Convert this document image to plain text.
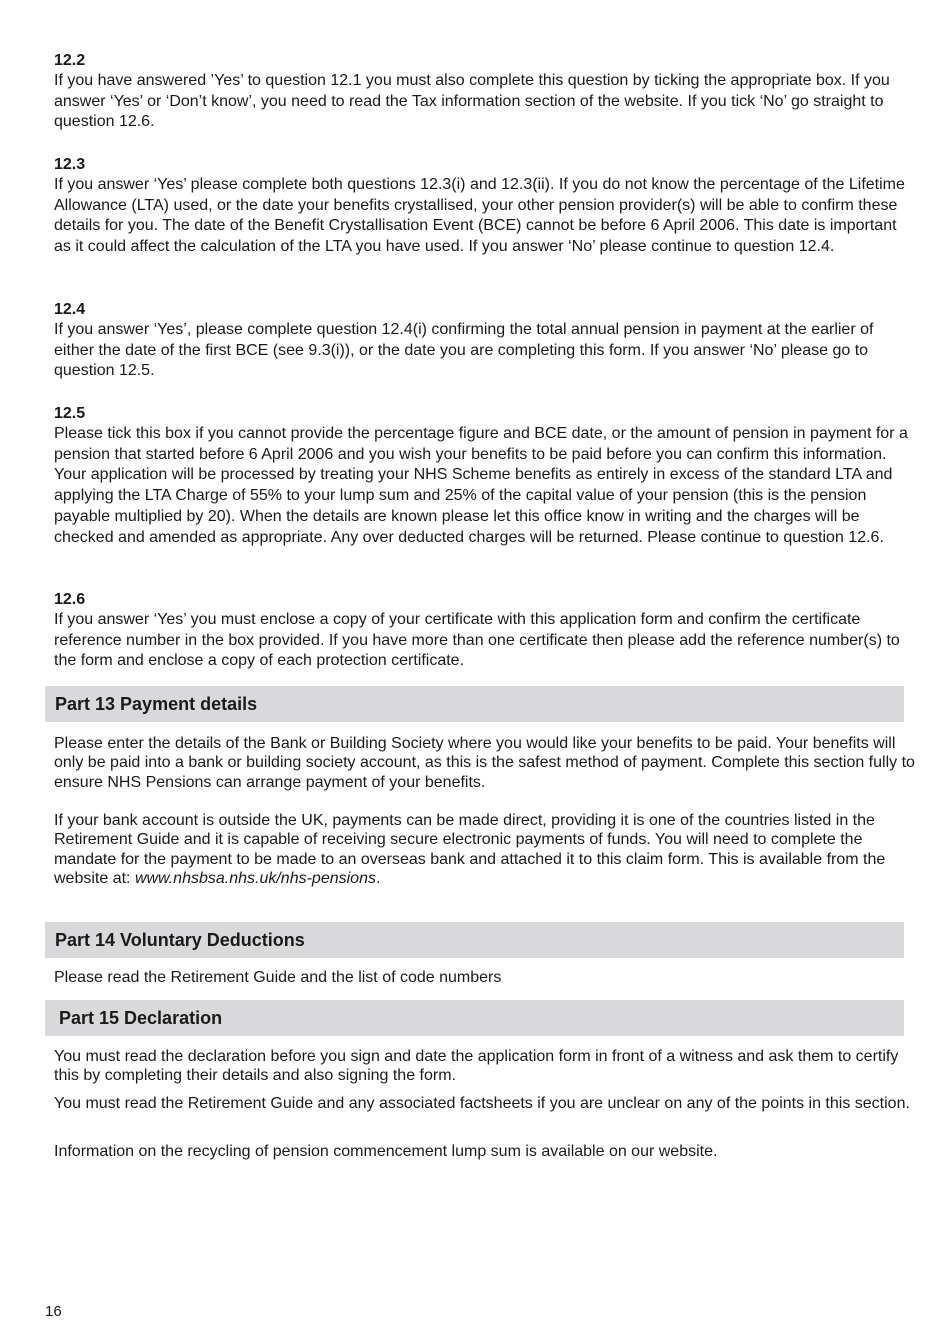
12.2

If you have answered ’Yes’ to question 12.1 you must also complete this question by ticking the appropriate box. If you answer ‘Yes’ or ‘Don’t know’, you need to read the Tax information section of the website. If you tick ‘No’ go straight to question 12.6.

12.3

If you answer ‘Yes’ please complete both questions 12.3(i) and 12.3(ii). If you do not know the percentage of the Lifetime Allowance (LTA) used, or the date your benefits crystallised, your other pension provider(s) will be able to confirm these details for you. The date of the Benefit Crystallisation Event (BCE) cannot be before 6 April 2006. This date is important as it could affect the calculation of the LTA you have used. If you answer ‘No’ please continue to question 12.4.

12.4

If you answer ‘Yes’, please complete question 12.4(i) confirming the total annual pension in payment at the earlier of either the date of the first BCE (see 9.3(i)), or the date you are completing this form. If you answer ‘No’ please go to question 12.5.

12.5

Please tick this box if you cannot provide the percentage figure and BCE date, or the amount of pension in payment for a pension that started before 6 April 2006 and you wish your benefits to be paid before you can confirm this information. Your application will be processed by treating your NHS Scheme benefits as entirely in excess of the standard LTA and applying the LTA Charge of 55% to your lump sum and 25% of the capital value of your pension (this is the pension payable multiplied by 20). When the details are known please let this office know in writing and the charges will be checked and amended as appropriate. Any over deducted charges will be returned. Please continue to question 12.6.

12.6

If you answer ‘Yes’ you must enclose a copy of your certificate with this application form and confirm the certificate reference number in the box provided. If you have more than one certificate then please add the reference number(s) to the form and enclose a copy of each protection certificate.

Part 13 Payment details

Please enter the details of the Bank or Building Society where you would like your benefits to be paid. Your benefits will only be paid into a bank or building society account, as this is the safest method of payment. Complete this section fully to ensure NHS Pensions can arrange payment of your benefits.

If your bank account is outside the UK, payments can be made direct, providing it is one of the countries listed in the Retirement Guide and it is capable of receiving secure electronic payments of funds. You will need to complete the mandate for the payment to be made to an overseas bank and attached it to this claim form. This is available from the website at: www.nhsbsa.nhs.uk/nhs-pensions.

Part 14 Voluntary Deductions

Please read the Retirement Guide and the list of code numbers

Part 15 Declaration

You must read the declaration before you sign and date the application form in front of a witness and ask them to certify this by completing their details and also signing the form.

You must read the Retirement Guide and any associated factsheets if you are unclear on any of the points in this section.

Information on the recycling of pension commencement lump sum is available on our website.

16
